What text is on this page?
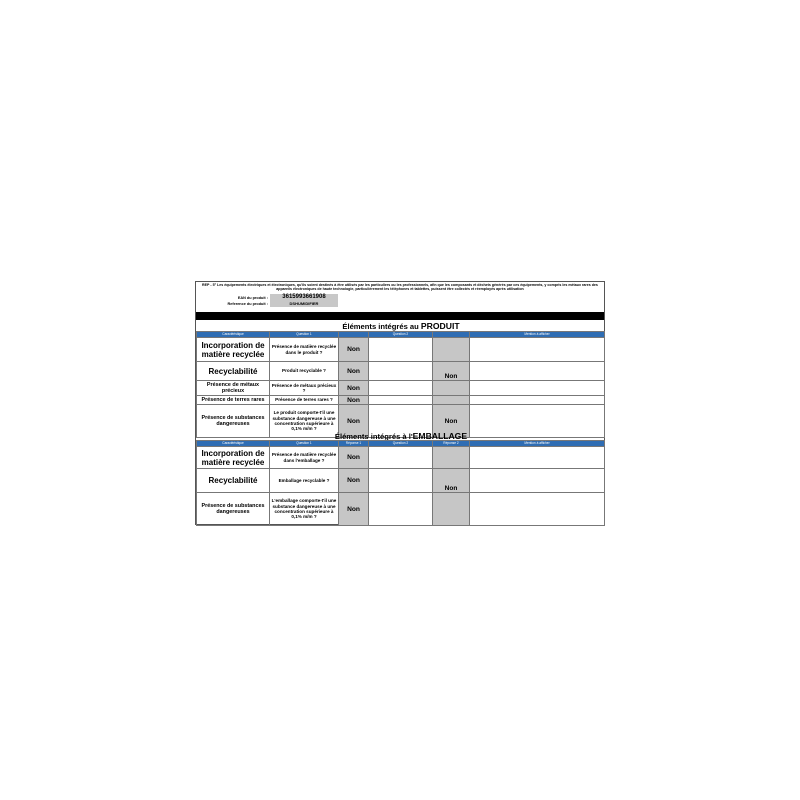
REP - 5° Les équipements électriques et électroniques, qu'ils soient destinés à être utilisés par les particuliers ou les professionnels, afin que les composants et déchets générés par ces équipements, y compris les métaux rares des appareils électroniques de haute technologie, particulièrement les téléphones et tablettes, puissent être collectés et réemployés après utilisation
EAN du produit :	3615993661908
Reference du produit :	DSHUMIDIFIER
Éléments intégrés au PRODUIT
Caractéristique	Question 1		Question 2		Mention à afficher
Incorporation de matière recyclée	Présence de matière recyclée dans le produit ?	Non			
Recyclabilité	Produit recyclable ?	Non		Non	
Présence de métaux précieux	Présence de métaux précieux ?	Non			
Présence de terres rares	Présence de terres rares ?	Non			
Présence de substances dangereuses	Le produit comporte-t'il une substance dangereuse à une concentration supérieure à 0,1% m/m ?	Non		Non	
Éléments intégrés à l'EMBALLAGE
Caractéristique	Question 1	Réponse 1	Question 2	Réponse 2	Mention à afficher
Incorporation de matière recyclée	Présence de matière recyclée dans l'emballage ?	Non			
Recyclabilité	Emballage recyclable ?	Non		Non	
Présence de substances dangereuses	L'emballage comporte-t'il une substance dangereuse à une concentration supérieure à 0,1% m/m ?	Non			
